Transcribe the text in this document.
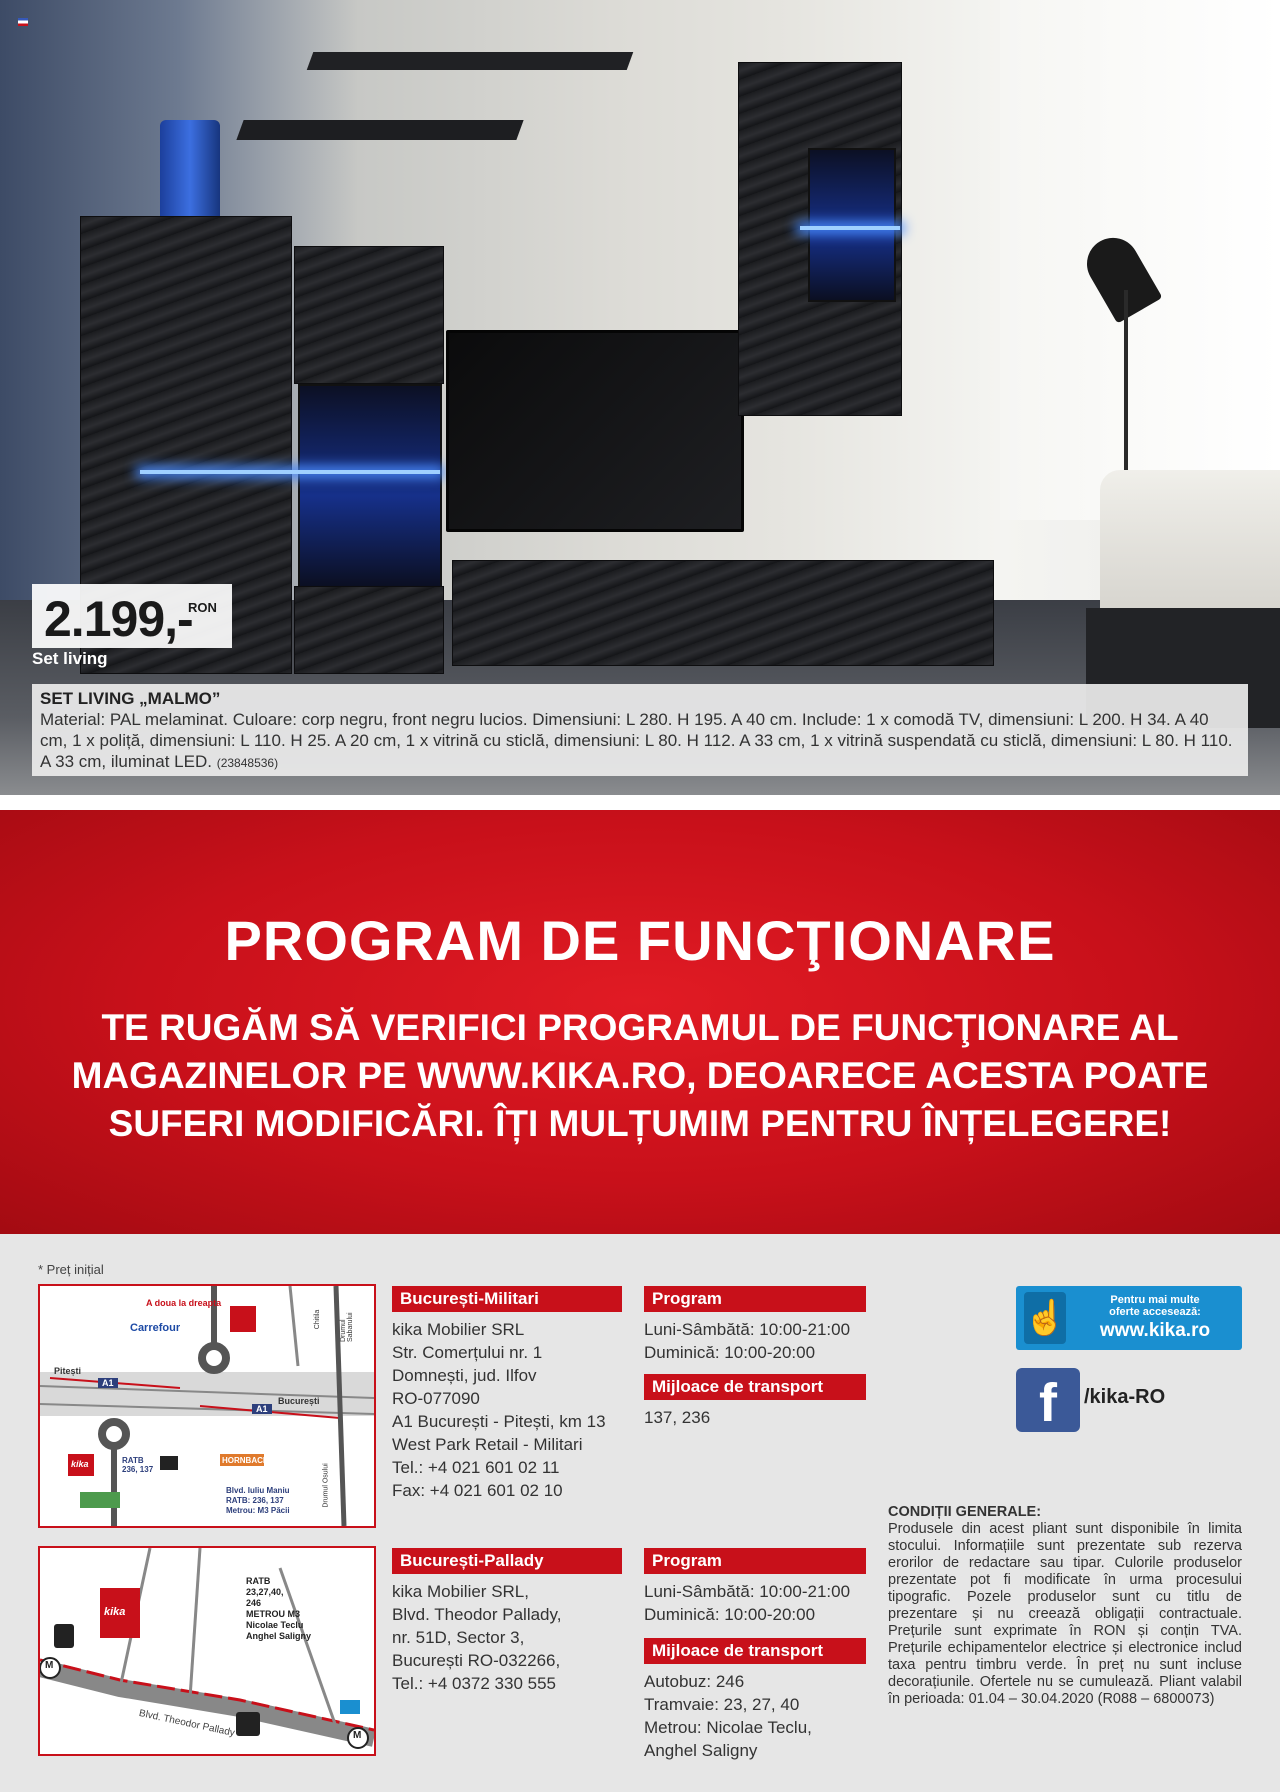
2.199,-
RON
Set living
SET LIVING „MALMO”
Material: PAL melaminat. Culoare: corp negru, front negru lucios. Dimensiuni: L 280. H 195. A 40 cm. Include: 1 x comodă TV, dimensiuni: L 200. H 34. A 40 cm, 1 x poliță, dimensiuni: L 110. H 25. A 20 cm, 1 x vitrină cu sticlă, dimensiuni: L 80. H 112. A 33 cm, 1 x vitrină suspendată cu sticlă, dimensiuni: L 80. H 110. A 33 cm, iluminat LED. (23848536)
PROGRAM DE FUNCŢIONARE
TE RUGĂM SĂ VERIFICI PROGRAMUL DE FUNCŢIONARE AL MAGAZINELOR PE WWW.KIKA.RO, DEOARECE ACESTA POATE SUFERI MODIFICĂRI. ÎȚI MULȚUMIM PENTRU ÎNȚELEGERE!
* Preț inițial
A doua la dreapta
Carrefour
Pitești
A1
București
A1
RATB 236, 137
HORNBACH
Blvd. Iuliu Maniu
RATB: 236, 137
Metrou: M3 Păcii
Chitila
Drumul Osului
Drumul Sabarului
kika
kika
M
M
RATB
23,27,40,
246
METROU M3
Nicolae Teclu
Anghel Saligny
Blvd. Theodor Pallady
București-Militari
kika Mobilier SRL
Str. Comerțului nr. 1
Domnești, jud. Ilfov
RO-077090
A1 București - Pitești, km 13
West Park Retail - Militari
Tel.: +4 021 601 02 11
Fax: +4 021 601 02 10
Program
Luni-Sâmbătă: 10:00-21:00
Duminică: 10:00-20:00
Mijloace de transport
137, 236
București-Pallady
kika Mobilier SRL,
Blvd. Theodor Pallady,
nr. 51D, Sector 3,
București RO-032266,
Tel.: +4 0372 330 555
Program
Luni-Sâmbătă: 10:00-21:00
Duminică: 10:00-20:00
Mijloace de transport
Autobuz: 246
Tramvaie: 23, 27, 40
Metrou: Nicolae Teclu,
Anghel Saligny
☝	Pentru mai multe
oferte accesează:
www.kika.ro
f	/kika-RO
CONDIȚII GENERALE:
Produsele din acest pliant sunt disponibile în limita stocului. Informațiile sunt prezentate sub rezerva erorilor de redactare sau tipar. Culorile produselor prezentate pot fi modificate în urma procesului tipografic. Pozele produselor sunt cu titlu de prezentare și nu creează obligații contractuale. Prețurile sunt exprimate în RON și conțin TVA. Prețurile echipamentelor electrice și electronice includ taxa pentru timbru verde. În preț nu sunt incluse decorațiunile. Ofertele nu se cumulează. Pliant valabil în perioada: 01.04 – 30.04.2020 (R088 – 6800073)
